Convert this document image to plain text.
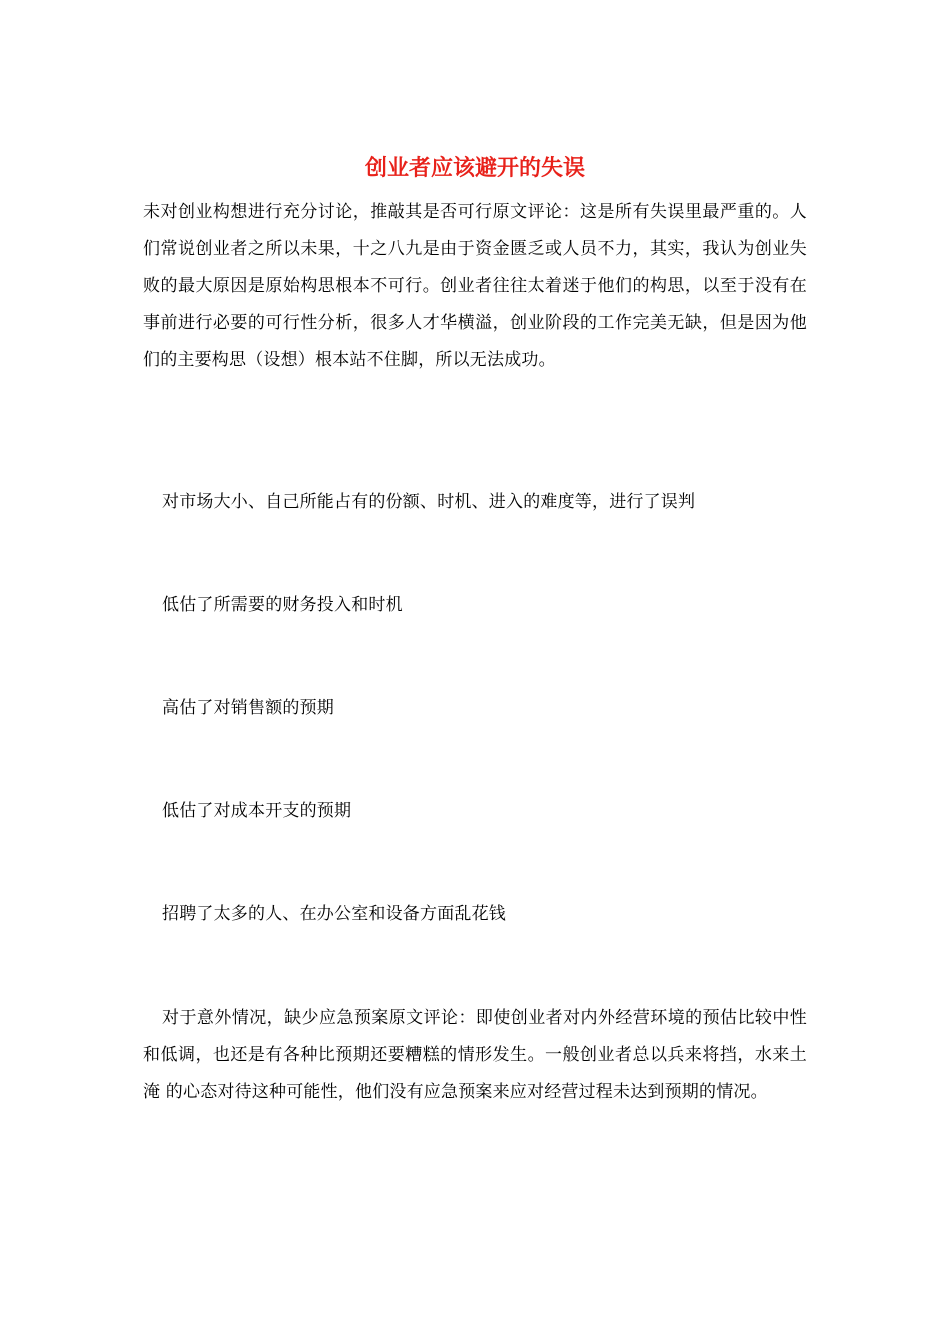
创业者应该避开的失误

未对创业构想进行充分讨论，推敲其是否可行原文评论：这是所有失误里最严重的。人们常说创业者之所以未果，十之八九是由于资金匮乏或人员不力，其实，我认为创业失败的最大原因是原始构思根本不可行。创业者往往太着迷于他们的构思，以至于没有在事前进行必要的可行性分析，很多人才华横溢，创业阶段的工作完美无缺，但是因为他们的主要构思（设想）根本站不住脚，所以无法成功。

对市场大小、自己所能占有的份额、时机、进入的难度等，进行了误判

低估了所需要的财务投入和时机

高估了对销售额的预期

低估了对成本开支的预期

招聘了太多的人、在办公室和设备方面乱花钱

对于意外情况，缺少应急预案原文评论：即使创业者对内外经营环境的预估比较中性和低调，也还是有各种比预期还要糟糕的情形发生。一般创业者总以兵来将挡，水来土淹 的心态对待这种可能性，他们没有应急预案来应对经营过程未达到预期的情况。
